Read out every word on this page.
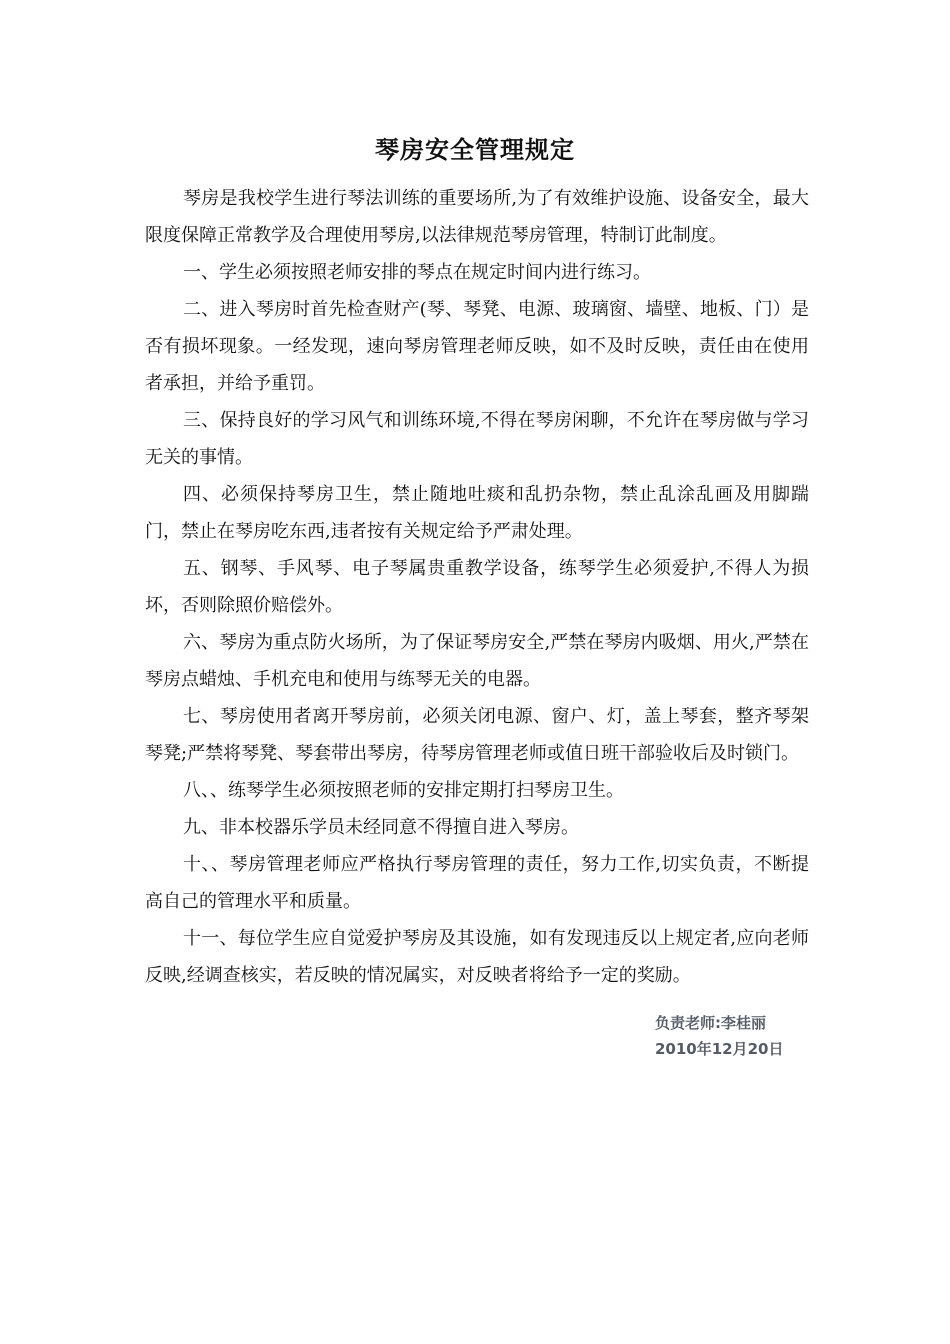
琴房安全管理规定

琴房是我校学生进行琴法训练的重要场所,为了有效维护设施、设备安全，最大限度保障正常教学及合理使用琴房,以法律规范琴房管理，特制订此制度。

一、学生必须按照老师安排的琴点在规定时间内进行练习。

二、进入琴房时首先检查财产(琴、琴凳、电源、玻璃窗、墙壁、地板、门）是否有损坏现象。一经发现，速向琴房管理老师反映，如不及时反映，责任由在使用者承担，并给予重罚。

三、保持良好的学习风气和训练环境,不得在琴房闲聊，不允许在琴房做与学习无关的事情。

四、必须保持琴房卫生，禁止随地吐痰和乱扔杂物，禁止乱涂乱画及用脚踹门，禁止在琴房吃东西,违者按有关规定给予严肃处理。

五、钢琴、手风琴、电子琴属贵重教学设备，练琴学生必须爱护,不得人为损坏，否则除照价赔偿外。

六、琴房为重点防火场所，为了保证琴房安全,严禁在琴房内吸烟、用火,严禁在琴房点蜡烛、手机充电和使用与练琴无关的电器。

七、琴房使用者离开琴房前，必须关闭电源、窗户、灯，盖上琴套，整齐琴架琴凳;严禁将琴凳、琴套带出琴房，待琴房管理老师或值日班干部验收后及时锁门。

八、、练琴学生必须按照老师的安排定期打扫琴房卫生。

九、非本校器乐学员未经同意不得擅自进入琴房。

十、、琴房管理老师应严格执行琴房管理的责任，努力工作,切实负责，不断提高自己的管理水平和质量。

十一、每位学生应自觉爱护琴房及其设施，如有发现违反以上规定者,应向老师反映,经调查核实，若反映的情况属实，对反映者将给予一定的奖励。

负责老师:李桂丽
2010年12月20日
